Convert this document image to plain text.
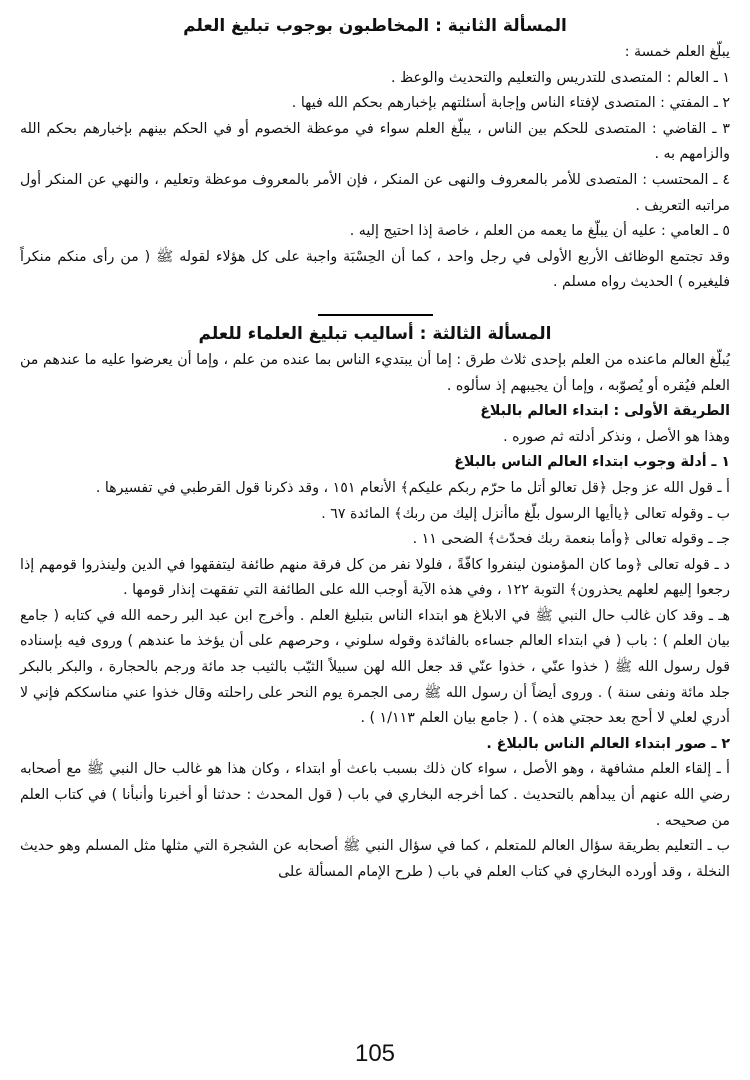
المسألة الثانية : المخاطبون بوجوب تبليغ العلم

يبلّغ العلم خمسة :

١ ـ العالم : المتصدى للتدريس والتعليم والتحديث والوعظ .

٢ ـ المفتي : المتصدى لإفتاء الناس وإجابة أسئلتهم بإخبارهم بحكم الله فيها .

٣ ـ القاضي : المتصدى للحكم بين الناس ، يبلّغ العلم سواء في موعظة الخصوم أو في الحكم بينهم بإخبارهم بحكم الله والزامهم به .

٤ ـ المحتسب : المتصدى للأمر بالمعروف والنهى عن المنكر ، فإن الأمر بالمعروف موعظة وتعليم ، والنهي عن المنكر أول مراتبه التعريف .

٥ ـ العامي : عليه أن يبلّغ ما يعمه من العلم ، خاصة إذا احتيج إليه .

وقد تجتمع الوظائف الأربع الأولى في رجل واحد ، كما أن الحِسْبَة واجبة على كل هؤلاء لقوله ﷺ ( من رأى منكم منكراً فليغيره ) الحديث رواه مسلم .

المسألة الثالثة : أساليب تبليغ العلماء للعلم

يُبلّغ العالم ماعنده من العلم بإحدى ثلاث طرق : إما أن يبتديء الناس بما عنده من علم ، وإما أن يعرضوا عليه ما عندهم من العلم فيُقره أو يُصوّبه ، وإما أن يجيبهم إذ سألوه .

الطريقة الأولى : ابتداء العالم بالبلاغ

وهذا هو الأصل ، ونذكر أدلته ثم صوره .

١ ـ أدلة وجوب ابتداء العالم الناس بالبلاغ

أ ـ قول الله عز وجل ﴿قل تعالو أتل ما حرّم ربكم عليكم﴾ الأنعام ١٥١ ، وقد ذكرنا قول القرطبي في تفسيرها .

ب ـ وقوله تعالى ﴿ياأيها الرسول بلّغ ماأنزل إليك من ربك﴾ المائدة ٦٧ .

جـ ـ وقوله تعالى ﴿وأما بنعمة ربك فحدّث﴾ الضحى ١١ .

د ـ قوله تعالى ﴿وما كان المؤمنون لينفروا كافّةً ، فلولا نفر من كل فرقة منهم طائفة ليتفقهوا في الدين ولينذروا قومهم إذا رجعوا إليهم لعلهم يحذرون﴾ التوبة ١٢٢ ، وفي هذه الآية أوجب الله على الطائفة التي تفقهت إنذار قومها .

هـ ـ وقد كان غالب حال النبي ﷺ في الابلاغ هو ابتداء الناس بتبليغ العلم . وأخرج ابن عبد البر رحمه الله في كتابه ( جامع بيان العلم ) : باب ( في ابتداء العالم جساءه بالفائدة وقوله سلوني ، وحرصهم على أن يؤخذ ما عندهم ) وروى فيه بإسناده قول رسول الله ﷺ ( خذوا عنّي ، خذوا عنّي قد جعل الله لهن سبيلاً الثيّب بالثيب جد مائة ورجم بالحجارة ، والبكر بالبكر جلد مائة ونفى سنة ) . وروى أيضاً أن رسول الله ﷺ رمى الجمرة يوم النحر على راحلته وقال خذوا عني مناسككم فإني لا أدري لعلي لا أحج بعد حجتي هذه ) . ( جامع بيان العلم ١/١١٣ ) .

٢ ـ صور ابتداء العالم الناس بالبلاغ .

أ ـ إلقاء العلم مشافهة ، وهو الأصل ، سواء كان ذلك بسبب باعث أو ابتداء ، وكان هذا هو غالب حال النبي ﷺ مع أصحابه رضي الله عنهم أن يبدأهم بالتحديث . كما أخرجه البخاري في باب ( قول المحدث : حدثنا أو أخبرنا وأنبأنا ) في كتاب العلم من صحيحه .

ب ـ التعليم بطريقة سؤال العالم للمتعلم ، كما في سؤال النبي ﷺ أصحابه عن الشجرة التي مثلها مثل المسلم وهو حديث النخلة ، وقد أورده البخاري في كتاب العلم في باب ( طرح الإمام المسألة على

105
